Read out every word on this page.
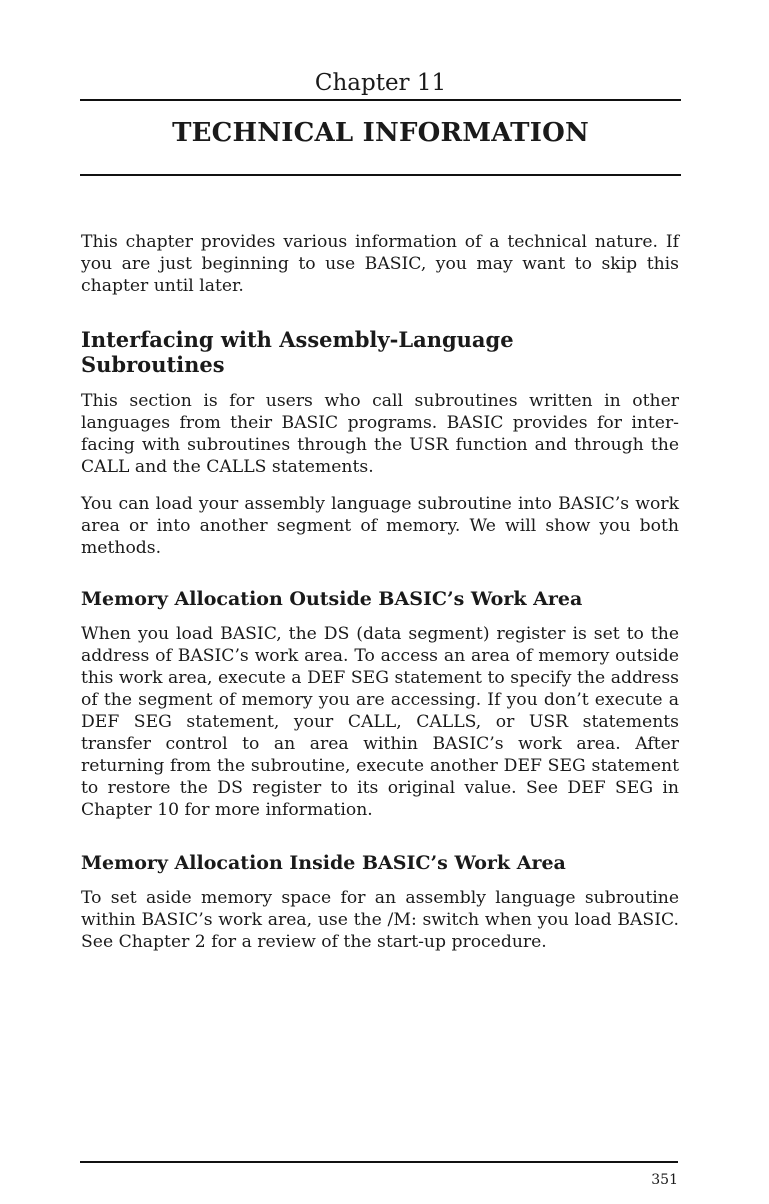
Chapter 11
TECHNICAL INFORMATION

This chapter provides various information of a technical nature. If you are just beginning to use BASIC, you may want to skip this chapter until later.

Interfacing with Assembly-Language Subroutines

This section is for users who call subroutines written in other languages from their BASIC programs. BASIC provides for inter-facing with subroutines through the USR function and through the CALL and the CALLS statements.

You can load your assembly language subroutine into BASIC’s work area or into another segment of memory. We will show you both methods.

Memory Allocation Outside BASIC’s Work Area

When you load BASIC, the DS (data segment) register is set to the address of BASIC’s work area. To access an area of memory outside this work area, execute a DEF SEG statement to specify the address of the segment of memory you are accessing. If you don’t execute a DEF SEG statement, your CALL, CALLS, or USR statements transfer control to an area within BASIC’s work area. After returning from the subroutine, execute another DEF SEG statement to restore the DS register to its original value. See DEF SEG in Chapter 10 for more information.

Memory Allocation Inside BASIC’s Work Area

To set aside memory space for an assembly language subroutine within BASIC’s work area, use the /M: switch when you load BASIC. See Chapter 2 for a review of the start-up procedure.

351
